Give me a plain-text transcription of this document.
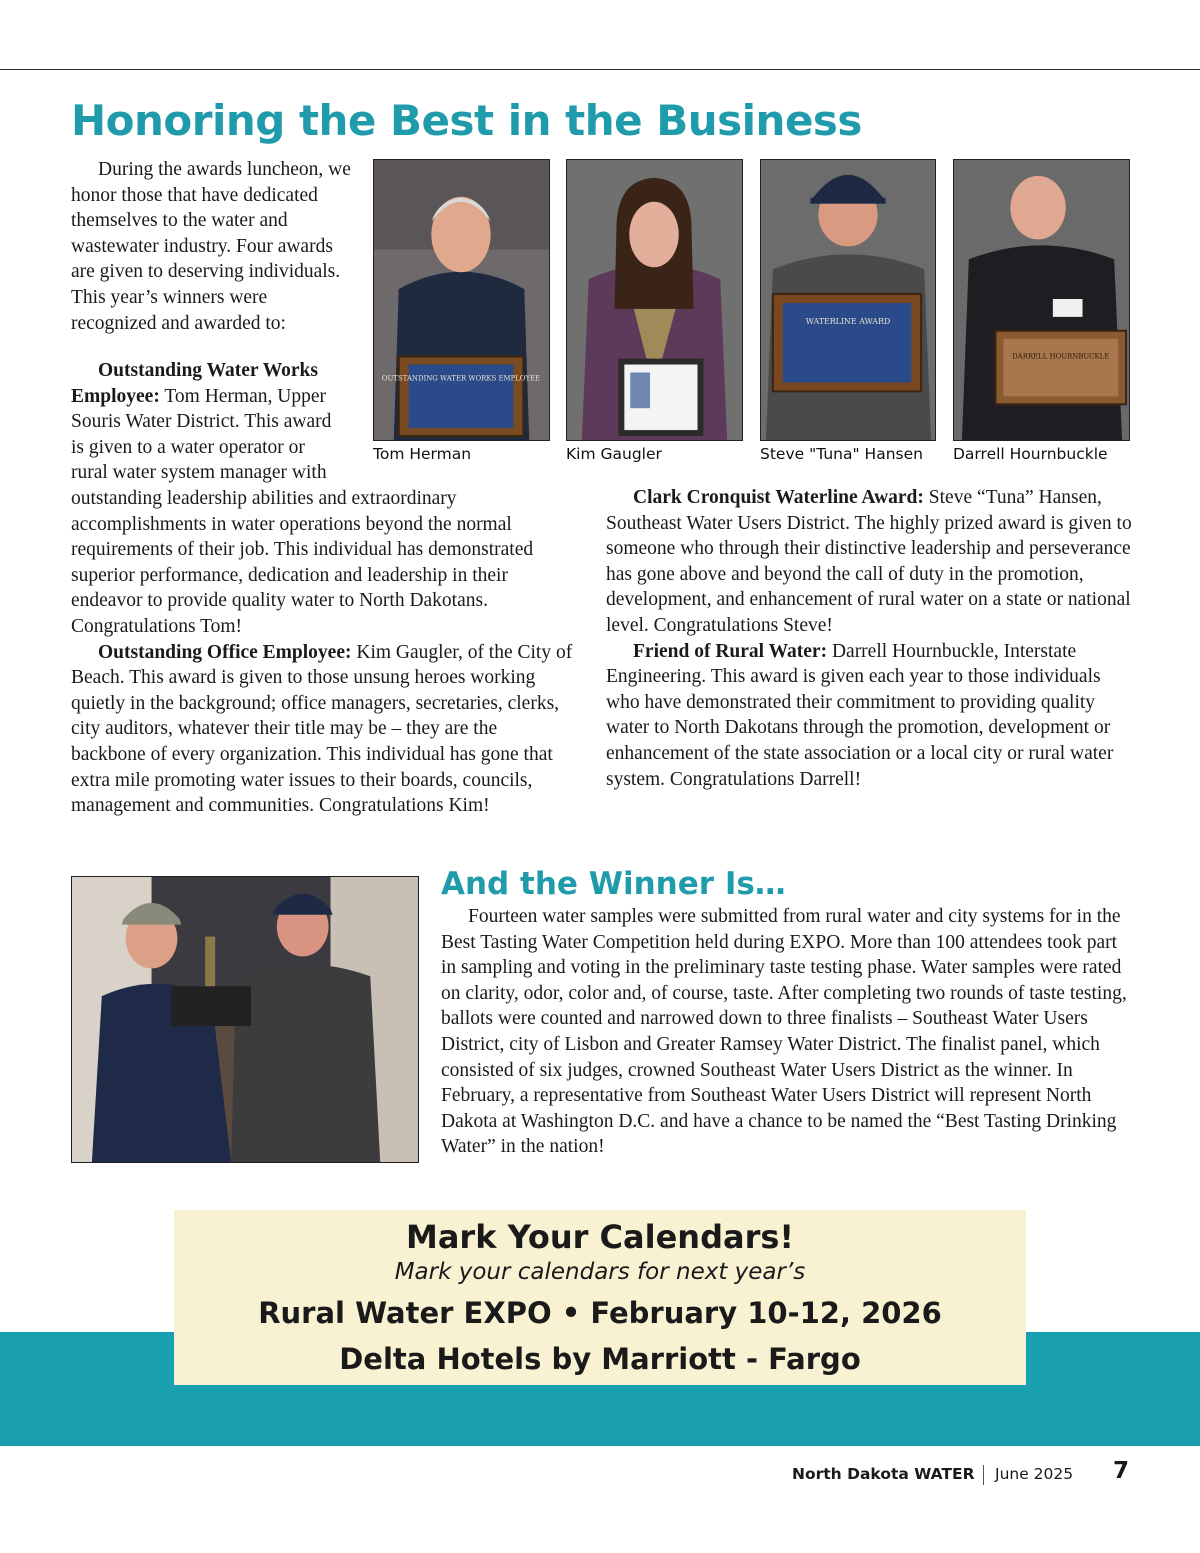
Honoring the Best in the Business

During the awards luncheon, we honor those that have dedicated themselves to the water and wastewater industry. Four awards are given to deserving individuals. This year’s winners were recognized and awarded to:

Outstanding Water Works Employee: Tom Herman, Upper Souris Water District. This award is given to a water operator or rural water system manager with outstanding leadership abilities and extraordinary accomplishments in water operations beyond the normal requirements of their job. This individual has demonstrated superior performance, dedication and leadership in their endeavor to provide quality water to North Dakotans. Congratulations Tom!

Outstanding Office Employee: Kim Gaugler, of the City of Beach. This award is given to those unsung heroes working quietly in the background; office managers, secretaries, clerks, city auditors, whatever their title may be – they are the backbone of every organization. This individual has gone that extra mile promoting water issues to their boards, councils, management and communities. Congratulations Kim!

Clark Cronquist Waterline Award: Steve “Tuna” Hansen, Southeast Water Users District. The highly prized award is given to someone who through their distinctive leadership and perseverance has gone above and beyond the call of duty in the promotion, development, and enhancement of rural water on a state or national level. Congratulations Steve!

Friend of Rural Water: Darrell Hournbuckle, Interstate Engineering. This award is given each year to those individuals who have demonstrated their commitment to providing quality water to North Dakotans through the promotion, development or enhancement of the state association or a local city or rural water system. Congratulations Darrell!

OUTSTANDING WATER WORKS EMPLOYEE
Tom Herman	Kim Gaugler
WATERLINE AWARD
Steve "Tuna" Hansen
DARRELL HOURNBUCKLE
Darrell Hournbuckle
And the Winner Is…

Fourteen water samples were submitted from rural water and city systems for in the Best Tasting Water Competition held during EXPO. More than 100 attendees took part in sampling and voting in the preliminary taste testing phase. Water samples were rated on clarity, odor, color and, of course, taste. After completing two rounds of taste testing, ballots were counted and narrowed down to three finalists – Southeast Water Users District, city of Lisbon and Greater Ramsey Water District. The finalist panel, which consisted of six judges, crowned Southeast Water Users District as the winner. In February, a representative from Southeast Water Users District will represent North Dakota at Washington D.C. and have a chance to be named the “Best Tasting Drinking Water” in the nation!

Mark Your Calendars!
Mark your calendars for next year’s
Rural Water EXPO • February 10-12, 2026
Delta Hotels by Marriott - Fargo
North Dakota WATER June 2025 7
